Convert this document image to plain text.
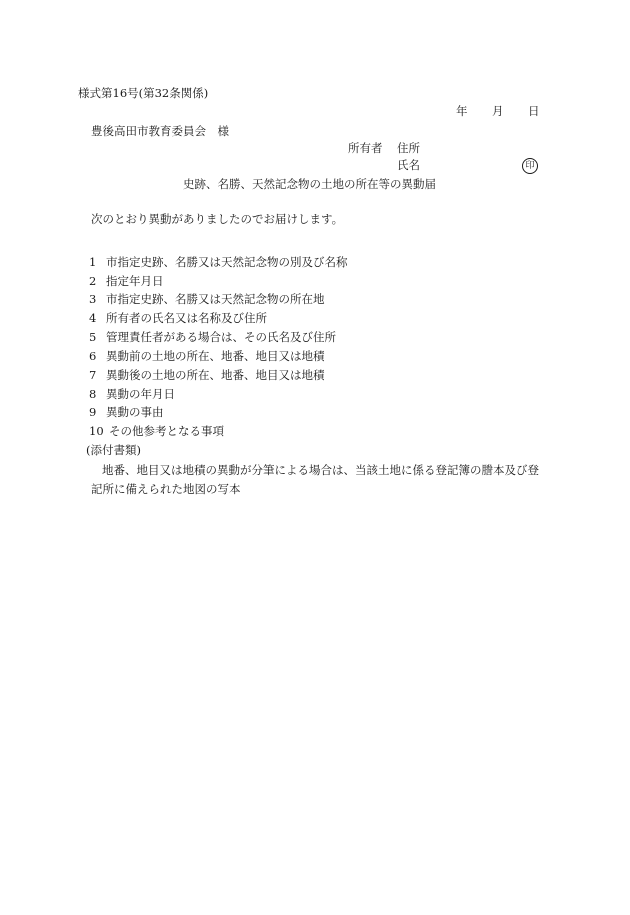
様式第16号(第32条関係)
年 月 日
豊後高田市教育委員会　様
所有者 住所
氏名	印
史跡、名勝、天然記念物の土地の所在等の異動届
次のとおり異動がありましたのでお届けします。
1 市指定史跡、名勝又は天然記念物の別及び名称
2 指定年月日
3 市指定史跡、名勝又は天然記念物の所在地
4 所有者の氏名又は名称及び住所
5 管理責任者がある場合は、その氏名及び住所
6 異動前の土地の所在、地番、地目又は地積
7 異動後の土地の所在、地番、地目又は地積
8 異動の年月日
9 異動の事由
10 その他参考となる事項
(添付書類)
地番、地目又は地積の異動が分筆による場合は、当該土地に係る登記簿の謄本及び登
記所に備えられた地図の写本
